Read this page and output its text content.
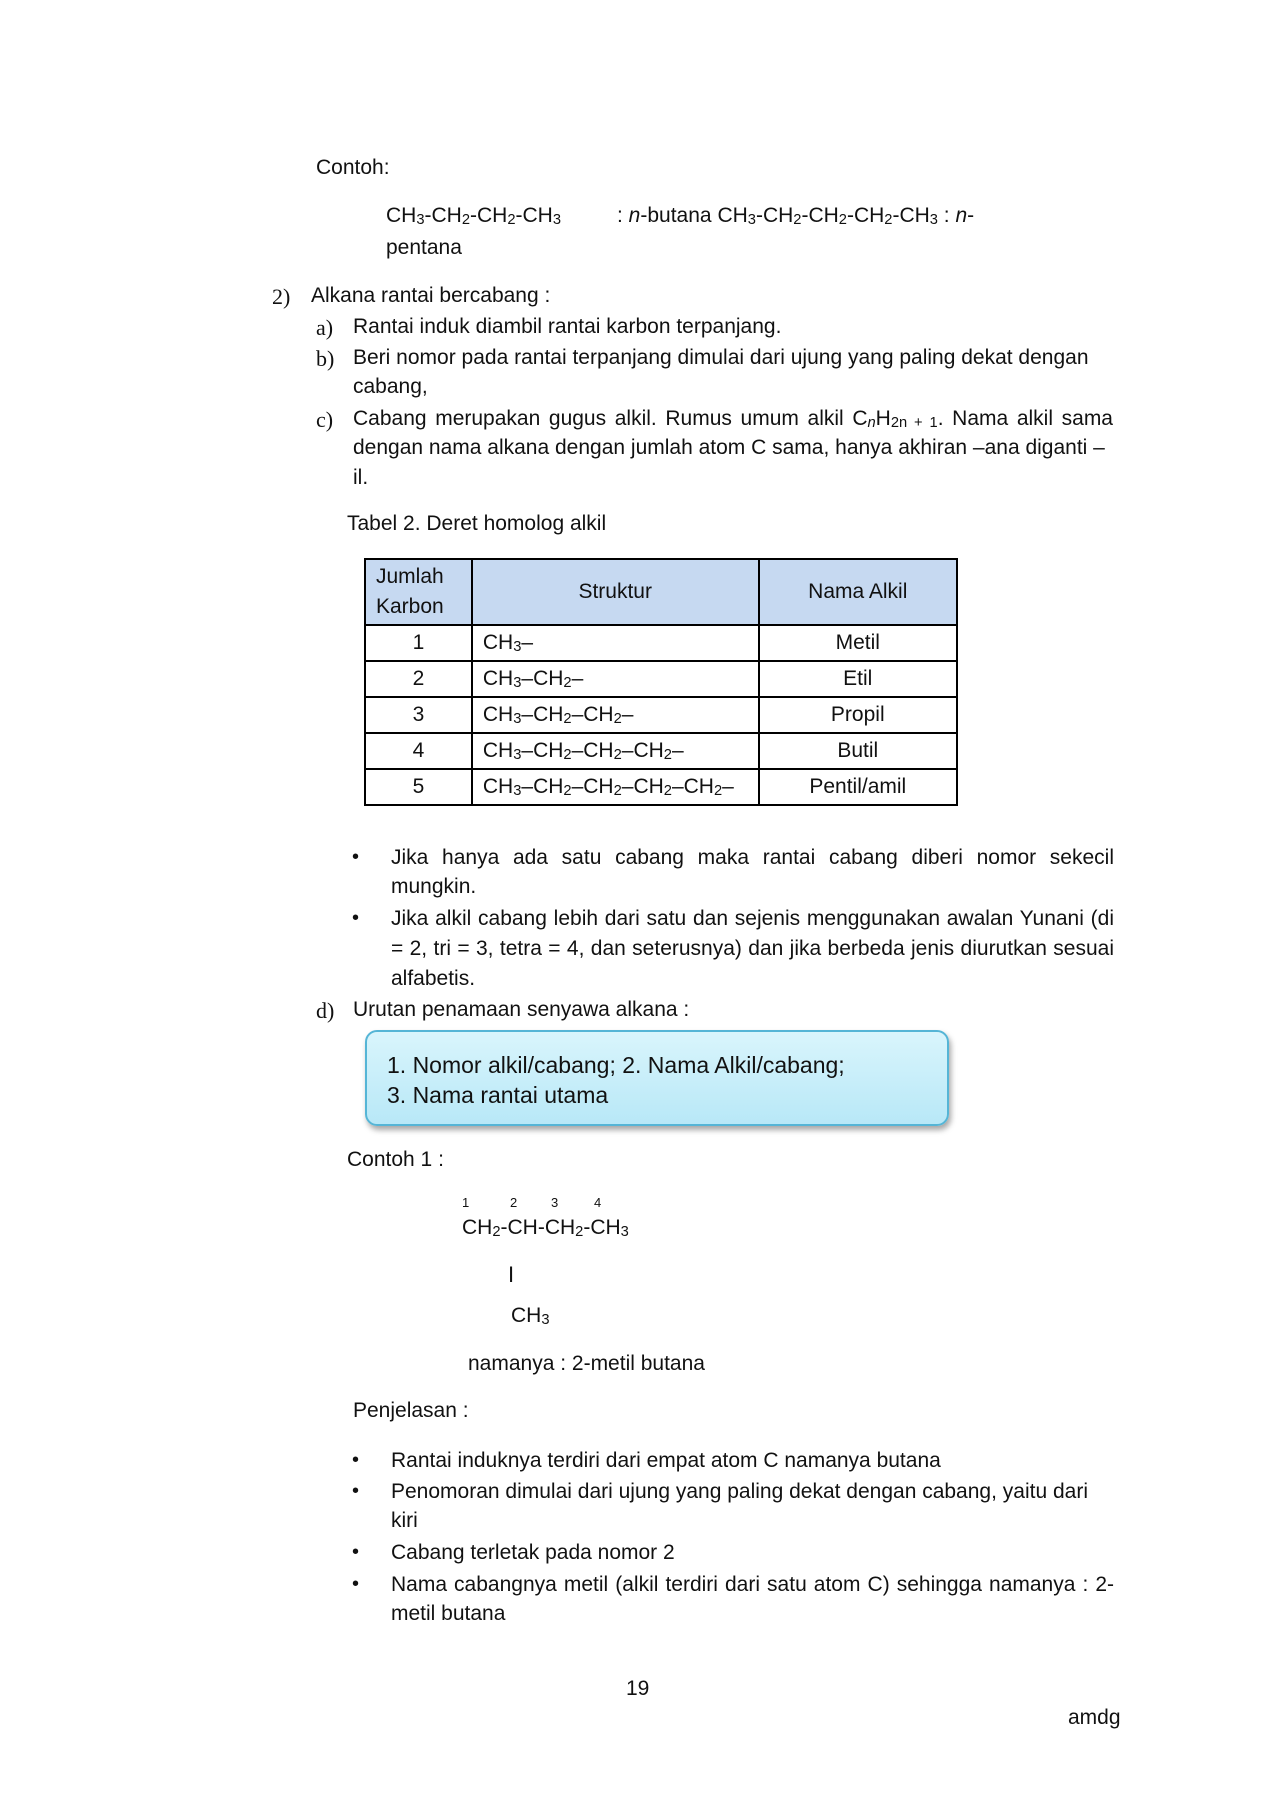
Contoh:
$CH_3-CH_2-CH_2-CH_3$	: n-butana $CH_3-CH_2-CH_2-CH_2-CH_3$ : n-
pentana
2) Alkana rantai bercabang :
a) Rantai induk diambil rantai karbon terpanjang.
b) Beri nomor pada rantai terpanjang dimulai dari ujung yang paling dekat dengan
cabang,
c) Cabang merupakan gugus alkil. Rumus umum alkil $C_nH_{2n + 1}$. Nama alkil sama
dengan nama alkana dengan jumlah atom C sama, hanya akhiran –ana diganti –
il.
Tabel 2. Deret homolog alkil
Jumlah
Karbon	Struktur	Nama Alkil
1	$CH_3-$	Metil
2	$CH_3-CH_2-$	Etil
3	$CH_3-CH_2-CH_2-$	Propil
4	$CH_3-CH_2-CH_2-CH_2-$	Butil
5	$CH_3-CH_2-CH_2-CH_2-CH_2-$	Pentil/amil
• Jika hanya ada satu cabang maka rantai cabang diberi nomor sekecil
mungkin.
• Jika alkil cabang lebih dari satu dan sejenis menggunakan awalan Yunani (di
= 2, tri = 3, tetra = 4, dan seterusnya) dan jika berbeda jenis diurutkan sesuai
alfabetis.
d) Urutan penamaan senyawa alkana :
1. Nomor alkil/cabang; 2. Nama Alkil/cabang;
3. Nama rantai utama
Contoh 1 :
1	2	3	4
$CH_2-CH-CH_2-CH_3$
I
$CH_3$
namanya : 2-metil butana
Penjelasan :
• Rantai induknya terdiri dari empat atom C namanya butana
• Penomoran dimulai dari ujung yang paling dekat dengan cabang, yaitu dari
kiri
• Cabang terletak pada nomor 2
• Nama cabangnya metil (alkil terdiri dari satu atom C) sehingga namanya : 2-
metil butana
19
amdg
